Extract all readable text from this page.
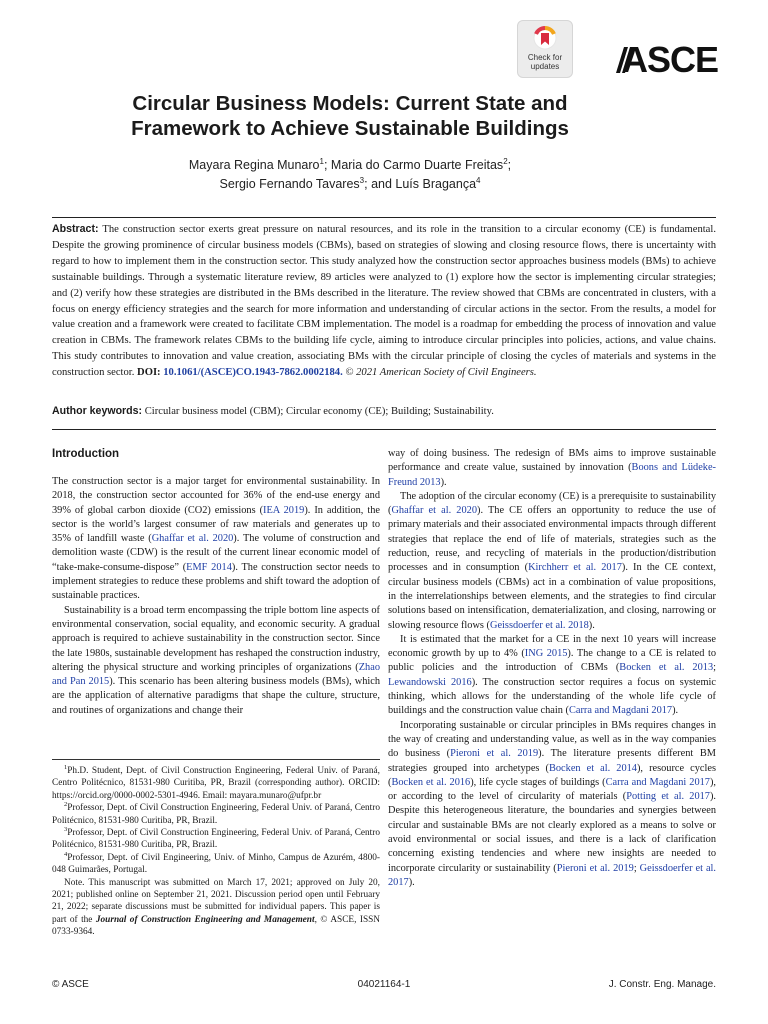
Check for
updates	ASCE
Circular Business Models: Current State and
Framework to Achieve Sustainable Buildings
Mayara Regina Munaro$^1$; Maria do Carmo Duarte Freitas$^2$;
Sergio Fernando Tavares$^3$; and Luís Bragança$^4$
Abstract: The construction sector exerts great pressure on natural resources, and its role in the transition to a circular economy (CE) is fundamental. Despite the growing prominence of circular business models (CBMs), based on strategies of slowing and closing resource flows, there is uncertainty with regard to how to implement them in the construction sector. This study analyzed how the construction sector approaches business models (BMs) to achieve sustainable buildings. Through a systematic literature review, 89 articles were analyzed to (1) explore how the sector is implementing circular strategies; and (2) verify how these strategies are distributed in the BMs described in the literature. The review showed that CBMs are concentrated in clusters, with a focus on energy efficiency strategies and the search for more information and understanding of circular actions in the sector. From the results, a model for value creation and a framework were created to facilitate CBM implementation. The model is a roadmap for embedding the process of innovation and value creation in CBMs. The framework relates CBMs to the building life cycle, aiming to introduce circular principles into policies, actions, and value chains. This study contributes to innovation and value creation, associating BMs with the circular principle of closing the cycles of materials and systems in the construction sector. DOI: 10.1061/(ASCE)CO.1943-7862.0002184. © 2021 American Society of Civil Engineers.
Author keywords: Circular business model (CBM); Circular economy (CE); Building; Sustainability.
Introduction

The construction sector is a major target for environmental sustainability. In 2018, the construction sector accounted for 36% of the end-use energy and 39% of global carbon dioxide (CO2) emissions (IEA 2019). In addition, the sector is the world’s largest consumer of raw materials and generates up to 35% of landfill waste (Ghaffar et al. 2020). The volume of construction and demolition waste (CDW) is the result of the current linear economic model of “take-make-consume-dispose” (EMF 2014). The construction sector needs to implement strategies to reduce these problems and shift toward the adoption of sustainable practices.

Sustainability is a broad term encompassing the triple bottom line aspects of environmental conservation, social equality, and economic security. A gradual approach is required to achieve sustainability in the construction sector. Since the late 1980s, sustainable development has reshaped the construction industry, altering the physical structure and working principles of organizations (Zhao and Pan 2015). This scenario has been altering business models (BMs), which are the application of alternative paradigms that shape the culture, structure, and routines of organizations and change their

$^1$Ph.D. Student, Dept. of Civil Construction Engineering, Federal Univ. of Paraná, Centro Politécnico, 81531-980 Curitiba, PR, Brazil (corresponding author). ORCID: https://orcid.org/0000-0002-5301-4946. Email: mayara.munaro@ufpr.br

$^2$Professor, Dept. of Civil Construction Engineering, Federal Univ. of Paraná, Centro Politécnico, 81531-980 Curitiba, PR, Brazil.

$^3$Professor, Dept. of Civil Construction Engineering, Federal Univ. of Paraná, Centro Politécnico, 81531-980 Curitiba, PR, Brazil.

$^4$Professor, Dept. of Civil Engineering, Univ. of Minho, Campus de Azurém, 4800-048 Guimarães, Portugal.

Note. This manuscript was submitted on March 17, 2021; approved on July 20, 2021; published online on September 21, 2021. Discussion period open until February 21, 2022; separate discussions must be submitted for individual papers. This paper is part of the Journal of Construction Engineering and Management, © ASCE, ISSN 0733-9364.

way of doing business. The redesign of BMs aims to improve sustainable performance and create value, sustained by innovation (Boons and Lüdeke-Freund 2013).

The adoption of the circular economy (CE) is a prerequisite to sustainability (Ghaffar et al. 2020). The CE offers an opportunity to reduce the use of primary materials and their associated environmental impacts through different strategies that replace the end of life of materials, strategies such as the reduction, reuse, and recycling of materials in the production/distribution processes and in consumption (Kirchherr et al. 2017). In the CE context, circular business models (CBMs) act in a combination of value propositions, in the interrelationships between elements, and the strategies to find circular solutions based on intensification, dematerialization, and closing, narrowing or slowing resource flows (Geissdoerfer et al. 2018).

It is estimated that the market for a CE in the next 10 years will increase economic growth by up to 4% (ING 2015). The change to a CE is related to public policies and the introduction of CBMs (Bocken et al. 2013; Lewandowski 2016). The construction sector requires a focus on systemic thinking, which allows for the understanding of the whole life cycle of buildings and the construction value chain (Carra and Magdani 2017).

Incorporating sustainable or circular principles in BMs requires changes in the way of creating and understanding value, as well as in the way companies do business (Pieroni et al. 2019). The literature presents different BM strategies grouped into archetypes (Bocken et al. 2014), resource cycles (Bocken et al. 2016), life cycle stages of buildings (Carra and Magdani 2017), or according to the level of circularity of materials (Potting et al. 2017). Despite this heterogeneous literature, the boundaries and synergies between circular and sustainable BMs are not clearly explored as a means to solve or avoid environmental or social issues, and there is a lack of clarification concerning existing tendencies and where new insights are needed to incorporate circularity or sustainability (Pieroni et al. 2019; Geissdoerfer et al. 2017).

© ASCE	04021164-1	J. Constr. Eng. Manage.
